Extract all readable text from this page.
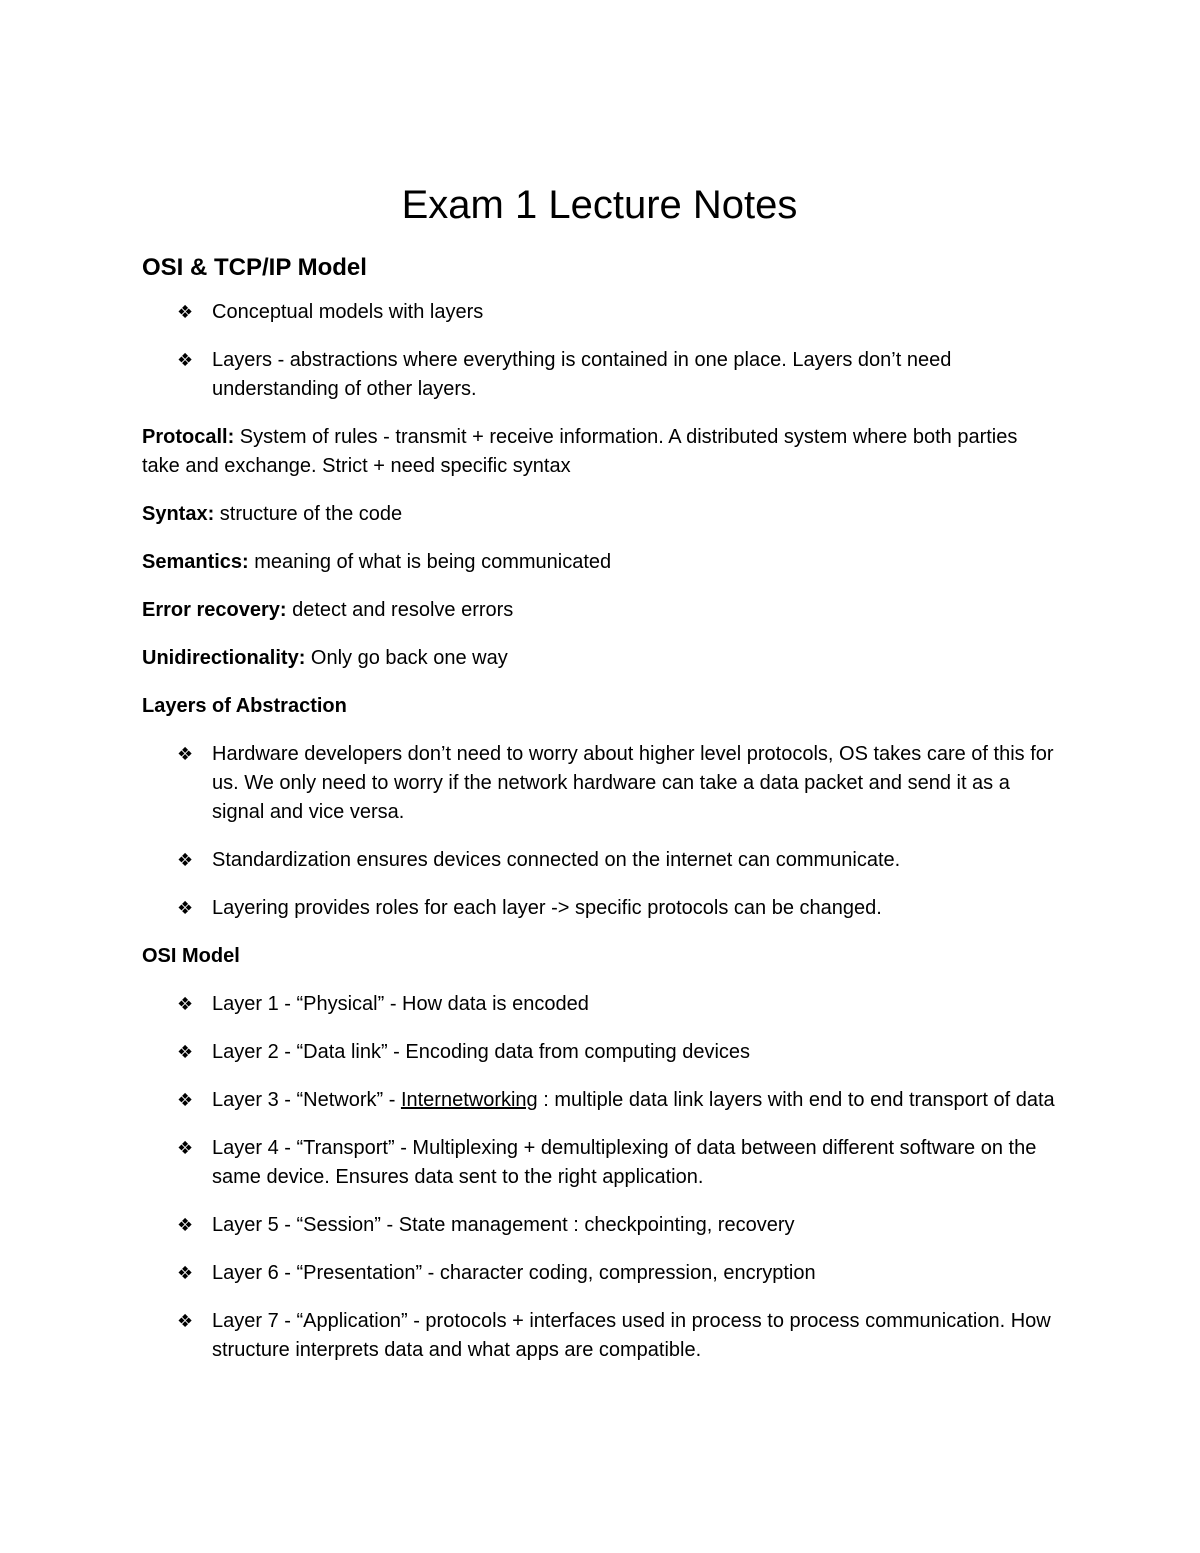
Exam 1 Lecture Notes
OSI & TCP/IP Model
❖ Conceptual models with layers
❖ Layers - abstractions where everything is contained in one place. Layers don’t need understanding of other layers.

Protocall: System of rules - transmit + receive information. A distributed system where both parties take and exchange. Strict + need specific syntax

Syntax: structure of the code

Semantics: meaning of what is being communicated

Error recovery: detect and resolve errors

Unidirectionality: Only go back one way

Layers of Abstraction
❖ Hardware developers don’t need to worry about higher level protocols, OS takes care of this for us. We only need to worry if the network hardware can take a data packet and send it as a signal and vice versa.
❖ Standardization ensures devices connected on the internet can communicate.
❖ Layering provides roles for each layer -> specific protocols can be changed.
OSI Model
❖ Layer 1 - “Physical” - How data is encoded
❖ Layer 2 - “Data link” - Encoding data from computing devices
❖ Layer 3 - “Network” - Internetworking : multiple data link layers with end to end transport of data
❖ Layer 4 - “Transport” - Multiplexing + demultiplexing of data between different software on the same device. Ensures data sent to the right application.
❖ Layer 5 - “Session” - State management : checkpointing, recovery
❖ Layer 6 - “Presentation” - character coding, compression, encryption
❖ Layer 7 - “Application” - protocols + interfaces used in process to process communication. How structure interprets data and what apps are compatible.
